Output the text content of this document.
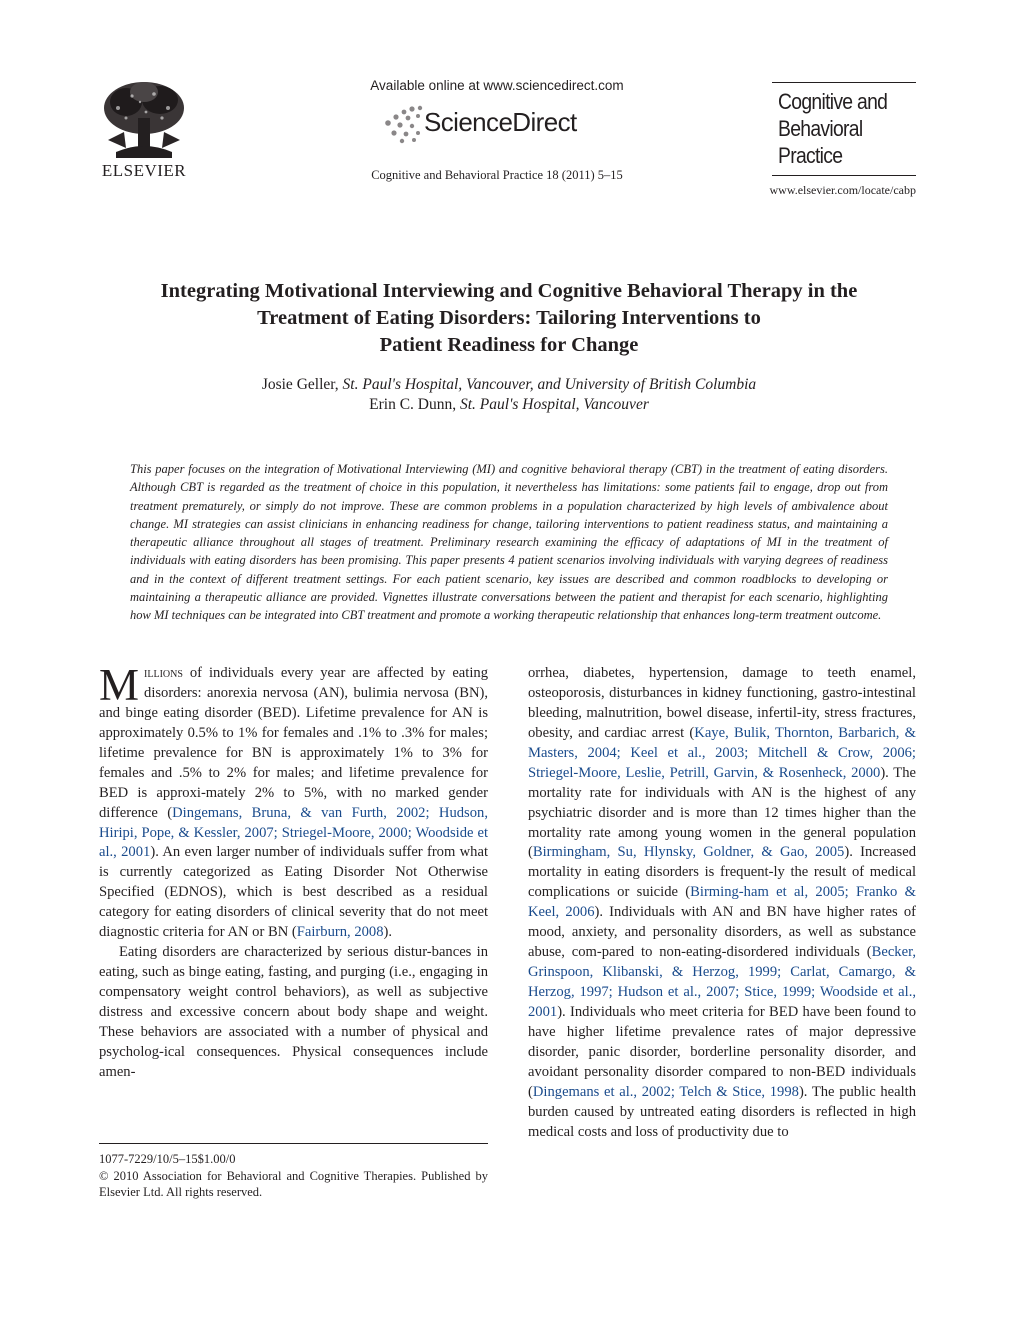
ELSEVIER
Available online at www.sciencedirect.com
ScienceDirect
Cognitive and Behavioral Practice 18 (2011) 5–15
Cognitive and
Behavioral
Practice
www.elsevier.com/locate/cabp
Integrating Motivational Interviewing and Cognitive Behavioral Therapy in the
Treatment of Eating Disorders: Tailoring Interventions to
Patient Readiness for Change
Josie Geller, St. Paul's Hospital, Vancouver, and University of British Columbia
Erin C. Dunn, St. Paul's Hospital, Vancouver
This paper focuses on the integration of Motivational Interviewing (MI) and cognitive behavioral therapy (CBT) in the treatment of eating disorders. Although CBT is regarded as the treatment of choice in this population, it nevertheless has limitations: some patients fail to engage, drop out from treatment prematurely, or simply do not improve. These are common problems in a population characterized by high levels of ambivalence about change. MI strategies can assist clinicians in enhancing readiness for change, tailoring interventions to patient readiness status, and maintaining a therapeutic alliance throughout all stages of treatment. Preliminary research examining the efficacy of adaptations of MI in the treatment of individuals with eating disorders has been promising. This paper presents 4 patient scenarios involving individuals with varying degrees of readiness and in the context of different treatment settings. For each patient scenario, key issues are described and common roadblocks to developing or maintaining a therapeutic alliance are provided. Vignettes illustrate conversations between the patient and therapist for each scenario, highlighting how MI techniques can be integrated into CBT treatment and promote a working therapeutic relationship that enhances long-term treatment outcome.

Millions of individuals every year are affected by eating disorders: anorexia nervosa (AN), bulimia nervosa (BN), and binge eating disorder (BED). Lifetime prevalence for AN is approximately 0.5% to 1% for females and .1% to .3% for males; lifetime prevalence for BN is approximately 1% to 3% for females and .5% to 2% for males; and lifetime prevalence for BED is approxi-mately 2% to 5%, with no marked gender difference (Dingemans, Bruna, & van Furth, 2002; Hudson, Hiripi, Pope, & Kessler, 2007; Striegel-Moore, 2000; Woodside et al., 2001). An even larger number of individuals suffer from what is currently categorized as Eating Disorder Not Otherwise Specified (EDNOS), which is best described as a residual category for eating disorders of clinical severity that do not meet diagnostic criteria for AN or BN (Fairburn, 2008).

Eating disorders are characterized by serious distur-bances in eating, such as binge eating, fasting, and purging (i.e., engaging in compensatory weight control behaviors), as well as subjective distress and excessive concern about body shape and weight. These behaviors are associated with a number of physical and psycholog-ical consequences. Physical consequences include amen-

1077-7229/10/5–15$1.00/0
© 2010 Association for Behavioral and Cognitive Therapies. Published by Elsevier Ltd. All rights reserved.

orrhea, diabetes, hypertension, damage to teeth enamel, osteoporosis, disturbances in kidney functioning, gastro-intestinal bleeding, malnutrition, bowel disease, infertil-ity, stress fractures, obesity, and cardiac arrest (Kaye, Bulik, Thornton, Barbarich, & Masters, 2004; Keel et al., 2003; Mitchell & Crow, 2006; Striegel-Moore, Leslie, Petrill, Garvin, & Rosenheck, 2000). The mortality rate for individuals with AN is the highest of any psychiatric disorder and is more than 12 times higher than the mortality rate among young women in the general population (Birmingham, Su, Hlynsky, Goldner, & Gao, 2005). Increased mortality in eating disorders is frequent-ly the result of medical complications or suicide (Birming-ham et al, 2005; Franko & Keel, 2006). Individuals with AN and BN have higher rates of mood, anxiety, and personality disorders, as well as substance abuse, com-pared to non-eating-disordered individuals (Becker, Grinspoon, Klibanski, & Herzog, 1999; Carlat, Camargo, & Herzog, 1997; Hudson et al., 2007; Stice, 1999; Woodside et al., 2001). Individuals who meet criteria for BED have been found to have higher lifetime prevalence rates of major depressive disorder, panic disorder, borderline personality disorder, and avoidant personality disorder compared to non-BED individuals (Dingemans et al., 2002; Telch & Stice, 1998). The public health burden caused by untreated eating disorders is reflected in high medical costs and loss of productivity due to
